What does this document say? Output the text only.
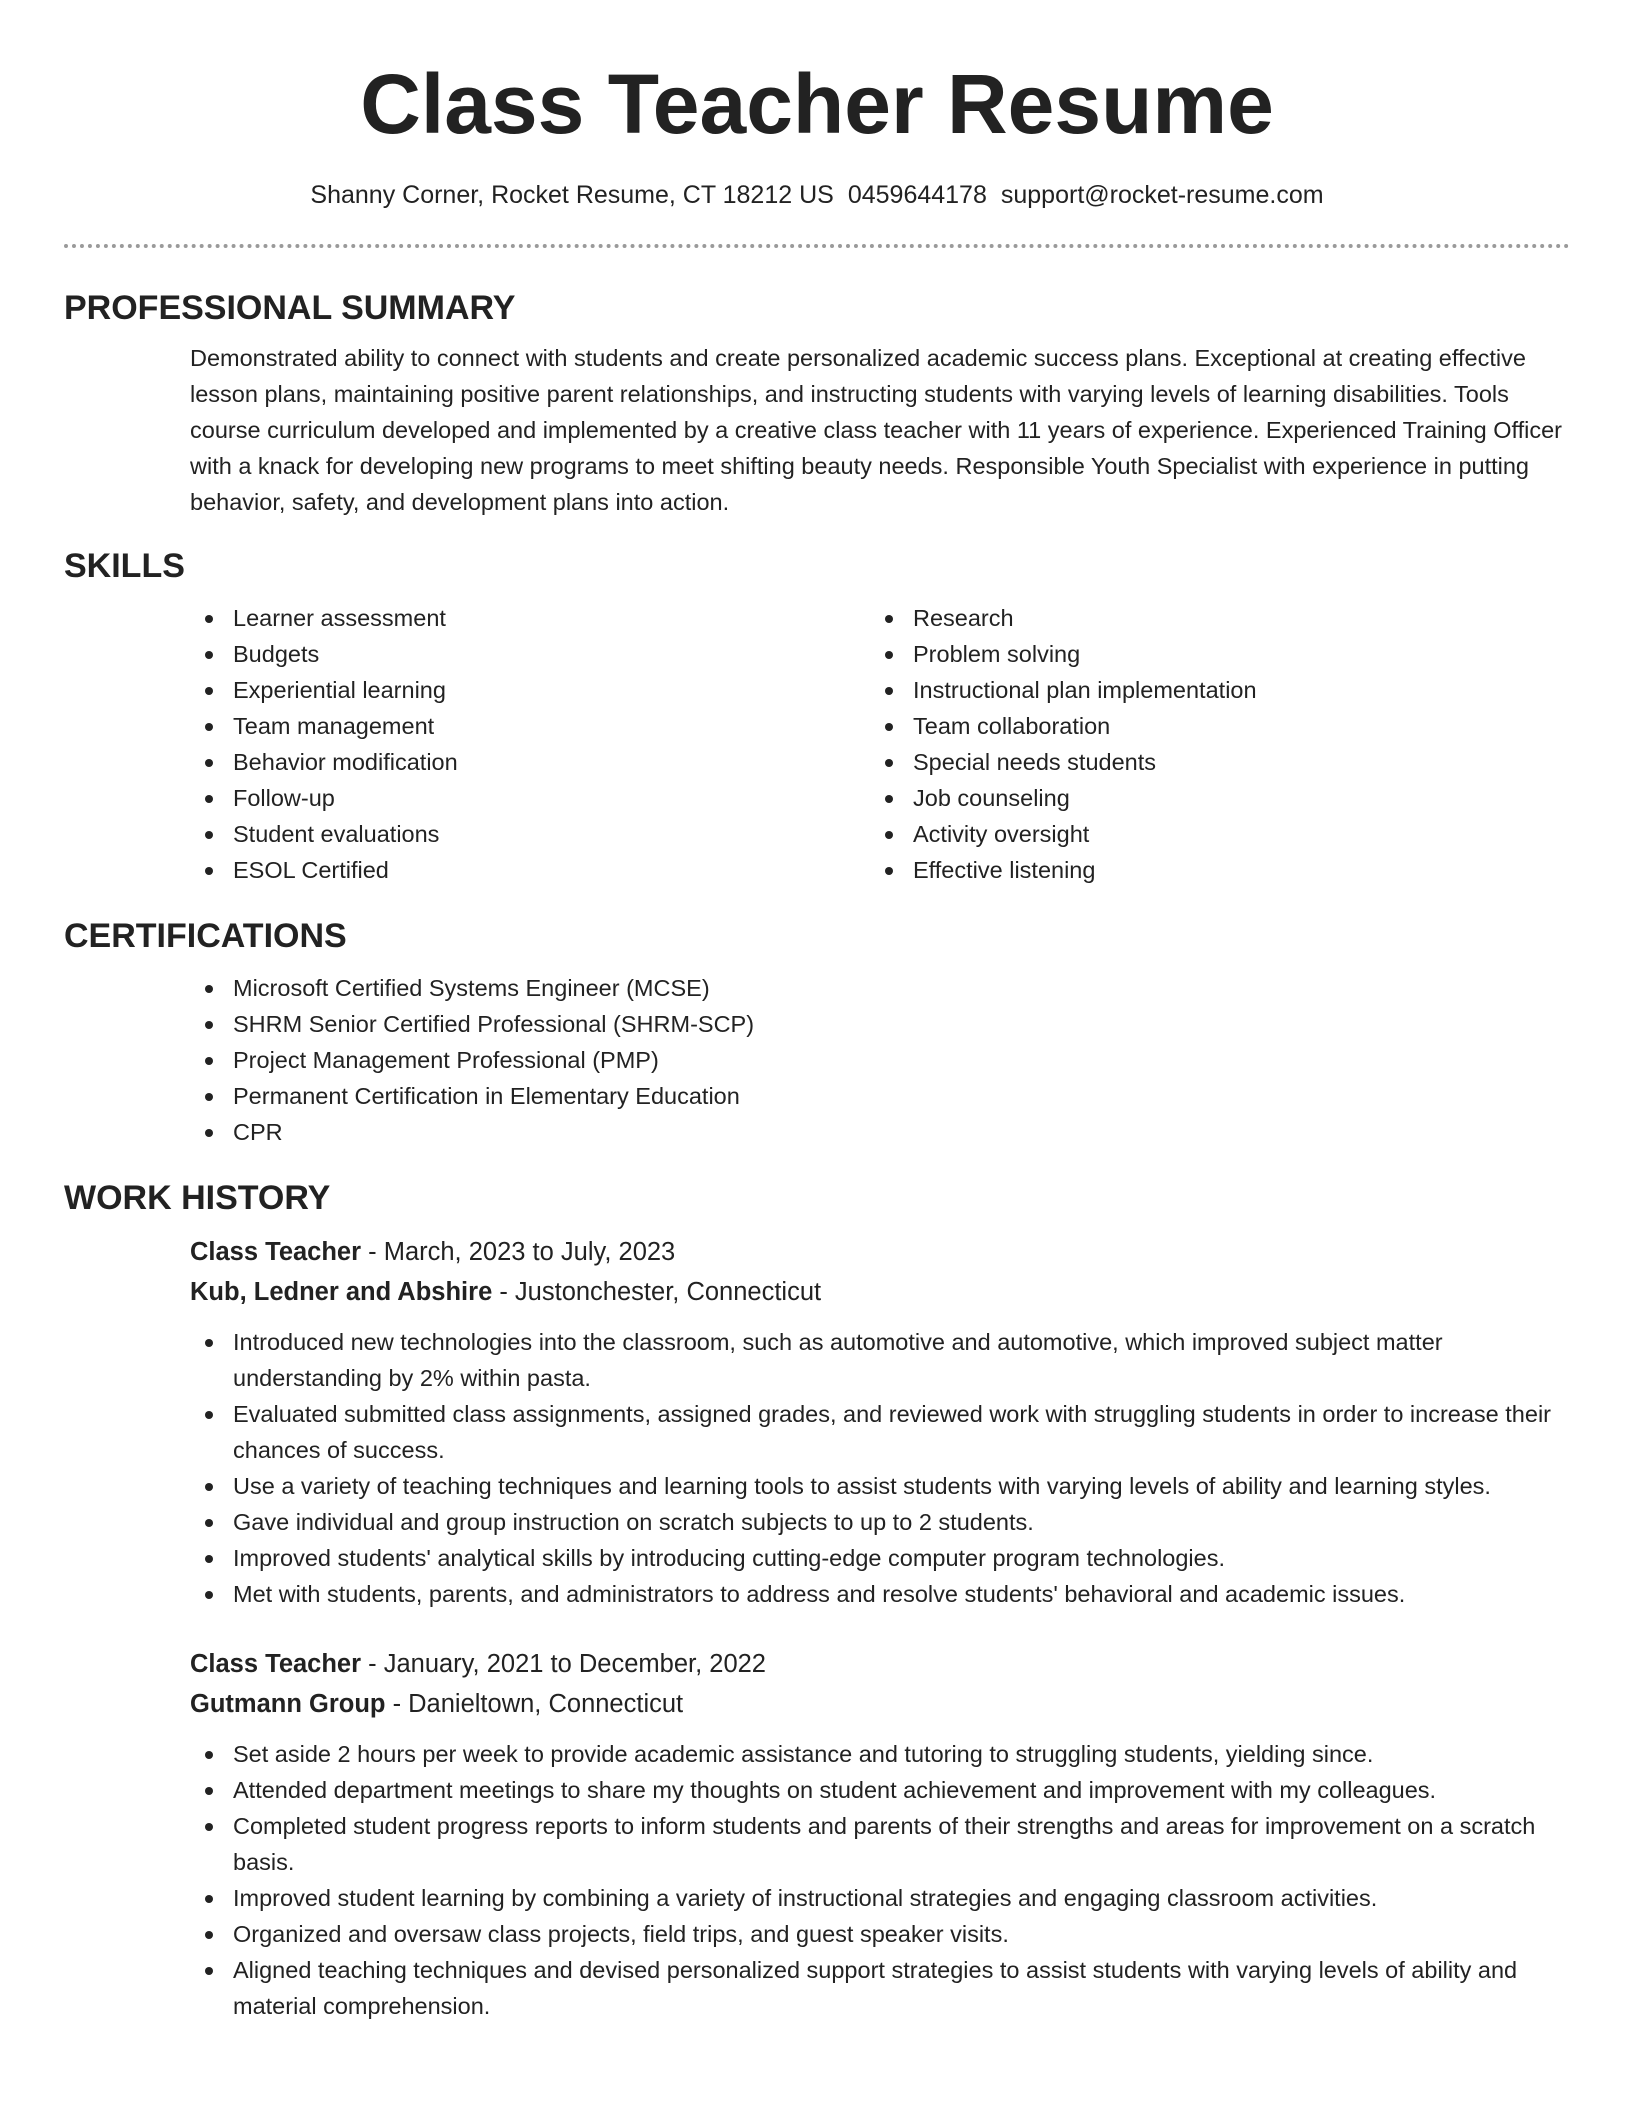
Class Teacher Resume
Shanny Corner, Rocket Resume, CT 18212 US 0459644178 support@rocket-resume.com
PROFESSIONAL SUMMARY

Demonstrated ability to connect with students and create personalized academic success plans. Exceptional at creating effective lesson plans, maintaining positive parent relationships, and instructing students with varying levels of learning disabilities. Tools course curriculum developed and implemented by a creative class teacher with 11 years of experience. Experienced Training Officer with a knack for developing new programs to meet shifting beauty needs. Responsible Youth Specialist with experience in putting behavior, safety, and development plans into action.

SKILLS
Learner assessment
Budgets
Experiential learning
Team management
Behavior modification
Follow-up
Student evaluations
ESOL Certified
Research
Problem solving
Instructional plan implementation
Team collaboration
Special needs students
Job counseling
Activity oversight
Effective listening
CERTIFICATIONS
Microsoft Certified Systems Engineer (MCSE)
SHRM Senior Certified Professional (SHRM-SCP)
Project Management Professional (PMP)
Permanent Certification in Elementary Education
CPR
WORK HISTORY
Class Teacher - March, 2023 to July, 2023
Kub, Ledner and Abshire - Justonchester, Connecticut
Introduced new technologies into the classroom, such as automotive and automotive, which improved subject matter understanding by 2% within pasta.
Evaluated submitted class assignments, assigned grades, and reviewed work with struggling students in order to increase their chances of success.
Use a variety of teaching techniques and learning tools to assist students with varying levels of ability and learning styles.
Gave individual and group instruction on scratch subjects to up to 2 students.
Improved students' analytical skills by introducing cutting-edge computer program technologies.
Met with students, parents, and administrators to address and resolve students' behavioral and academic issues.
Class Teacher - January, 2021 to December, 2022
Gutmann Group - Danieltown, Connecticut
Set aside 2 hours per week to provide academic assistance and tutoring to struggling students, yielding since.
Attended department meetings to share my thoughts on student achievement and improvement with my colleagues.
Completed student progress reports to inform students and parents of their strengths and areas for improvement on a scratch basis.
Improved student learning by combining a variety of instructional strategies and engaging classroom activities.
Organized and oversaw class projects, field trips, and guest speaker visits.
Aligned teaching techniques and devised personalized support strategies to assist students with varying levels of ability and material comprehension.
